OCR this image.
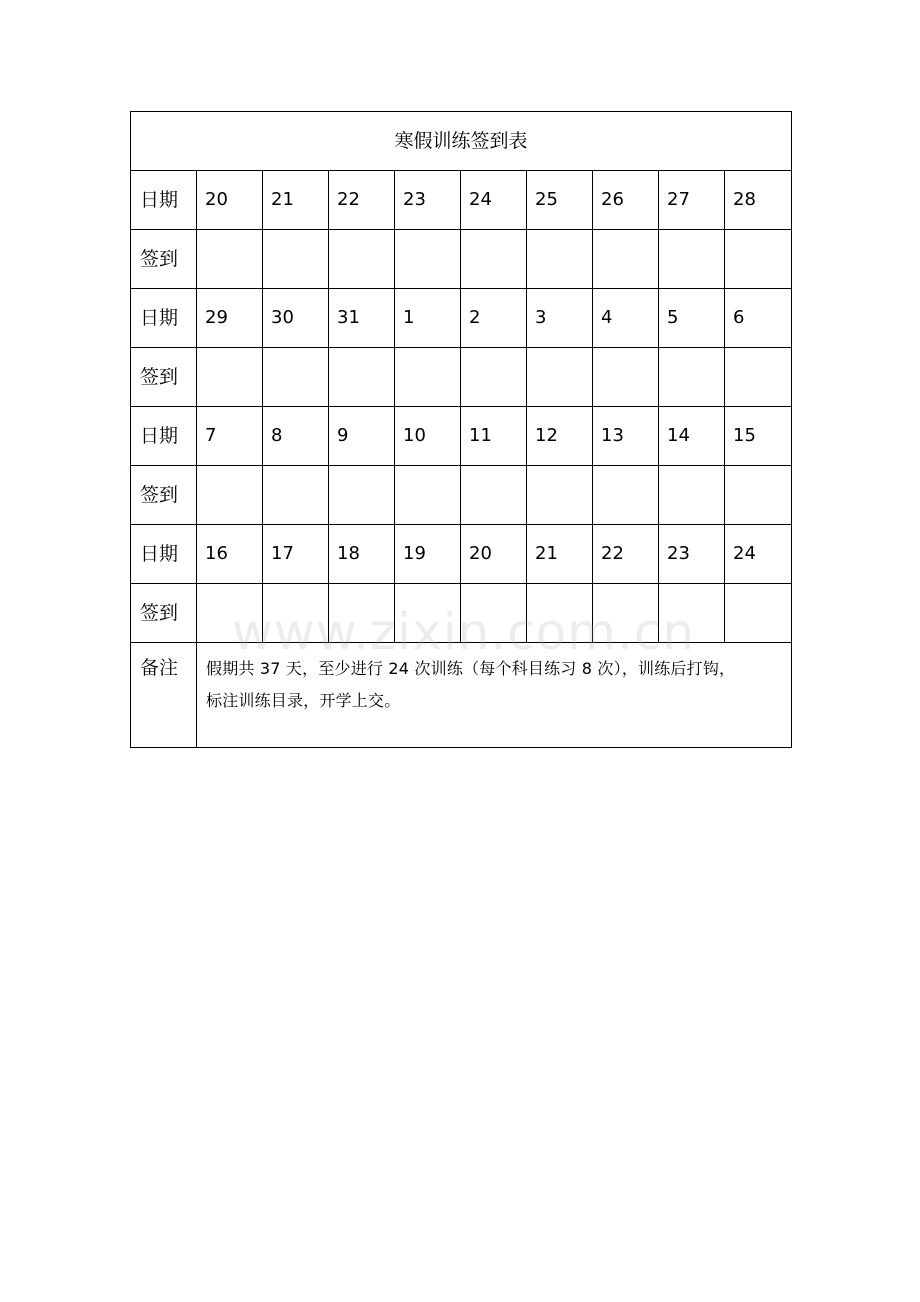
寒假训练签到表									
日期	20	21	22	23	24	25	26	27	28
签到									
日期	29	30	31	1	2	3	4	5	6
签到									
日期	7	8	9	10	11	12	13	14	15
签到									
日期	16	17	18	19	20	21	22	23	24
签到									
备注	假期共 37 天，至少进行 24 次训练（每个科目练习 8 次），训练后打钩，
标注训练目录，开学上交。								
www.zixin.com.cn
